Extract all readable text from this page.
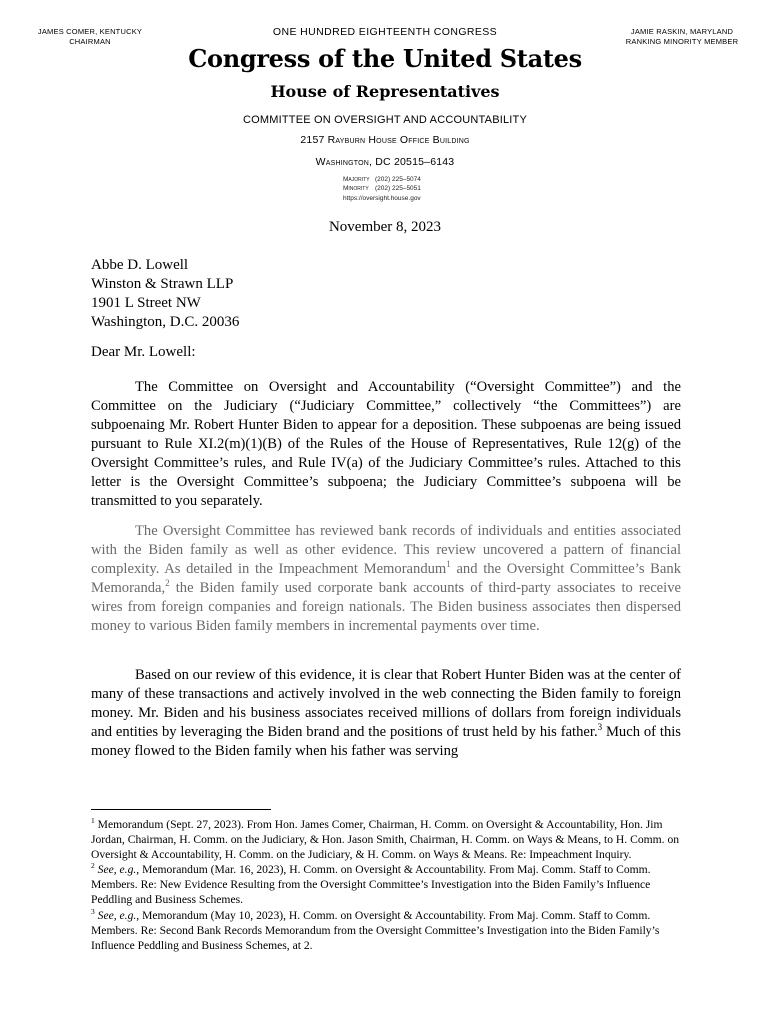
JAMES COMER, KENTUCKY
CHAIRMAN
JAMIE RASKIN, MARYLAND
RANKING MINORITY MEMBER
ONE HUNDRED EIGHTEENTH CONGRESS
Congress of the United States
House of Representatives
COMMITTEE ON OVERSIGHT AND ACCOUNTABILITY
2157 Rayburn House Office Building
Washington, DC 20515–6143
Majority (202) 225–5074
Minority (202) 225–5051
https://oversight.house.gov
November 8, 2023
Abbe D. Lowell
Winston & Strawn LLP
1901 L Street NW
Washington, D.C. 20036
Dear Mr. Lowell:

The Committee on Oversight and Accountability (“Oversight Committee”) and the Committee on the Judiciary (“Judiciary Committee,” collectively “the Committees”) are subpoenaing Mr. Robert Hunter Biden to appear for a deposition. These subpoenas are being issued pursuant to Rule XI.2(m)(1)(B) of the Rules of the House of Representatives, Rule 12(g) of the Oversight Committee’s rules, and Rule IV(a) of the Judiciary Committee’s rules. Attached to this letter is the Oversight Committee’s subpoena; the Judiciary Committee’s subpoena will be transmitted to you separately.

The Oversight Committee has reviewed bank records of individuals and entities associated with the Biden family as well as other evidence. This review uncovered a pattern of financial complexity. As detailed in the Impeachment Memorandum$^1$ and the Oversight Committee’s Bank Memoranda,$^2$ the Biden family used corporate bank accounts of third-party associates to receive wires from foreign companies and foreign nationals. The Biden business associates then dispersed money to various Biden family members in incremental payments over time.

Based on our review of this evidence, it is clear that Robert Hunter Biden was at the center of many of these transactions and actively involved in the web connecting the Biden family to foreign money. Mr. Biden and his business associates received millions of dollars from foreign individuals and entities by leveraging the Biden brand and the positions of trust held by his father.$^3$ Much of this money flowed to the Biden family when his father was serving

$^1$ Memorandum (Sept. 27, 2023). From Hon. James Comer, Chairman, H. Comm. on Oversight & Accountability, Hon. Jim Jordan, Chairman, H. Comm. on the Judiciary, & Hon. Jason Smith, Chairman, H. Comm. on Ways & Means, to H. Comm. on Oversight & Accountability, H. Comm. on the Judiciary, & H. Comm. on Ways & Means. Re: Impeachment Inquiry.

$^2$ See, e.g., Memorandum (Mar. 16, 2023), H. Comm. on Oversight & Accountability. From Maj. Comm. Staff to Comm. Members. Re: New Evidence Resulting from the Oversight Committee’s Investigation into the Biden Family’s Influence Peddling and Business Schemes.

$^3$ See, e.g., Memorandum (May 10, 2023), H. Comm. on Oversight & Accountability. From Maj. Comm. Staff to Comm. Members. Re: Second Bank Records Memorandum from the Oversight Committee’s Investigation into the Biden Family’s Influence Peddling and Business Schemes, at 2.
